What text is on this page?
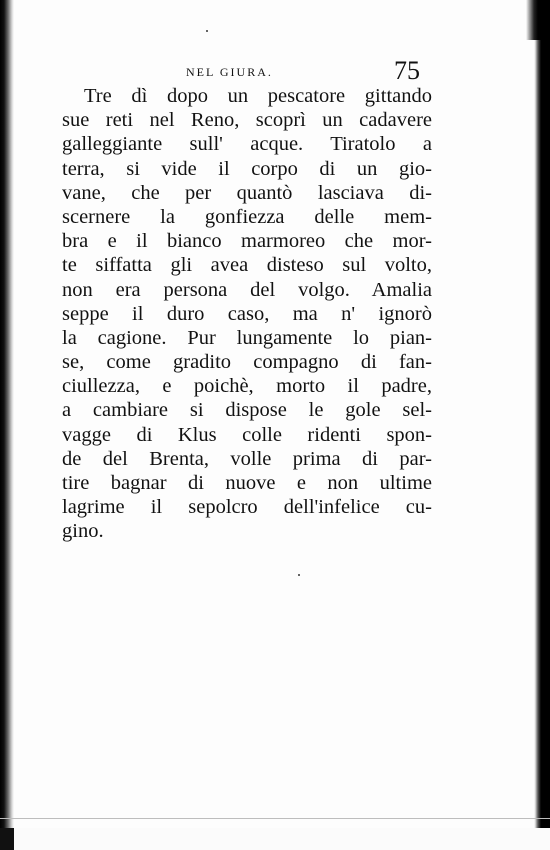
NEL GIURA.	75
Tre dì dopo un pescatore gittando
sue reti nel Reno, scoprì un cadavere
galleggiante sull' acque. Tiratolo a
terra, si vide il corpo di un gio-
vane, che per quantò lasciava di-
scernere la gonfiezza delle mem-
bra e il bianco marmoreo che mor-
te siffatta gli avea disteso sul volto,
non era persona del volgo. Amalia
seppe il duro caso, ma n' ignorò
la cagione. Pur lungamente lo pian-
se, come gradito compagno di fan-
ciullezza, e poichè, morto il padre,
a cambiare si dispose le gole sel-
vagge di Klus colle ridenti spon-
de del Brenta, volle prima di par-
tire bagnar di nuove e non ultime
lagrime il sepolcro dell'infelice cu-
gino.
